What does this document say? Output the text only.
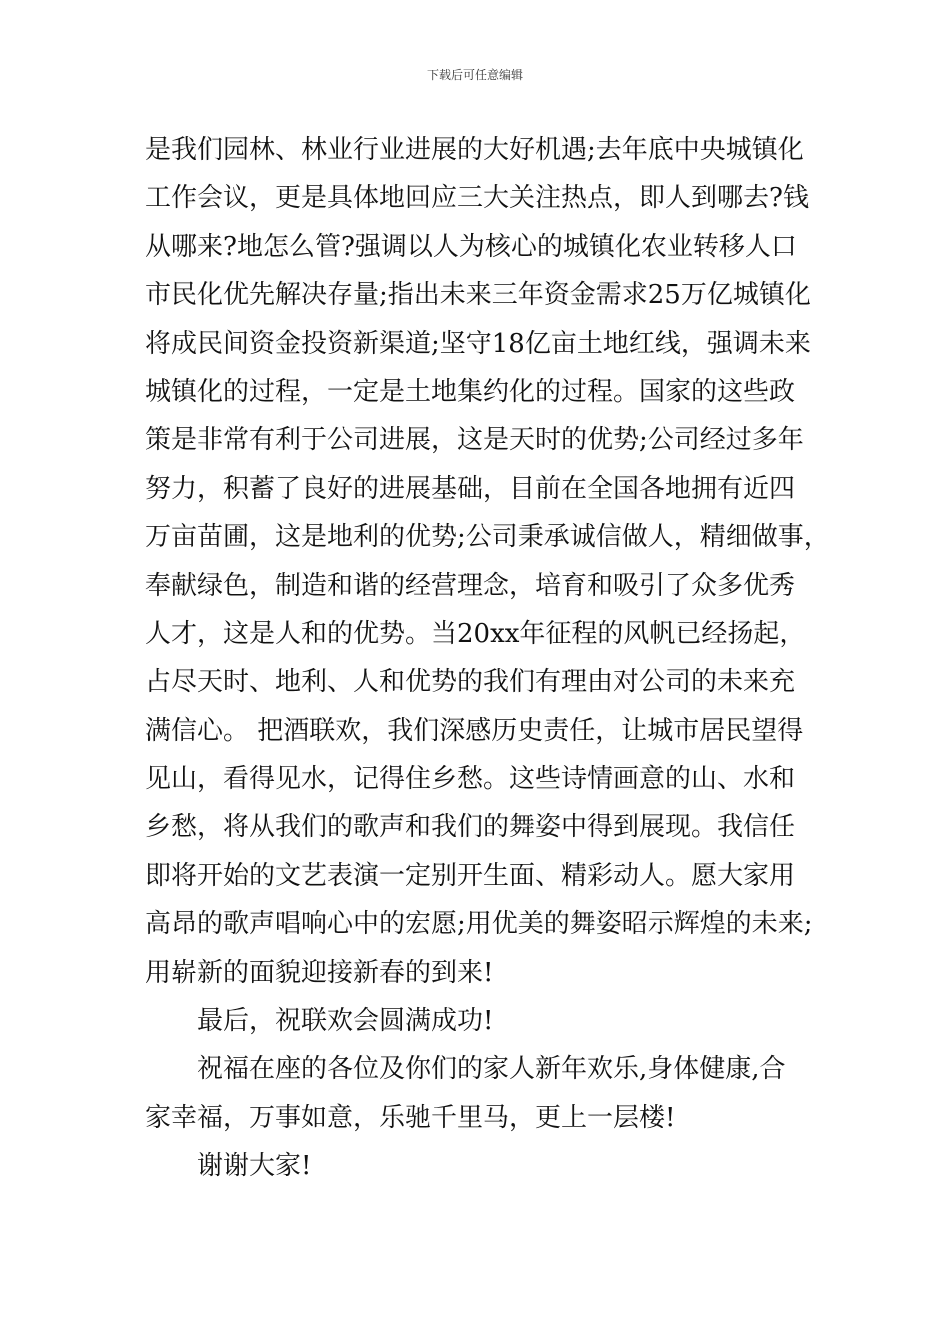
下载后可任意编辑
是我们园林、林业行业进展的大好机遇;去年底中央城镇化
工作会议，更是具体地回应三大关注热点，即人到哪去?钱
从哪来?地怎么管?强调以人为核心的城镇化农业转移人口
市民化优先解决存量;指出未来三年资金需求25万亿城镇化
将成民间资金投资新渠道;坚守18亿亩土地红线，强调未来
城镇化的过程，一定是土地集约化的过程。国家的这些政
策是非常有利于公司进展，这是天时的优势;公司经过多年
努力，积蓄了良好的进展基础，目前在全国各地拥有近四
万亩苗圃，这是地利的优势;公司秉承诚信做人，精细做事，
奉献绿色，制造和谐的经营理念，培育和吸引了众多优秀
人才，这是人和的优势。当20xx年征程的风帆已经扬起，
占尽天时、地利、人和优势的我们有理由对公司的未来充
满信心。 把酒联欢，我们深感历史责任，让城市居民望得
见山，看得见水，记得住乡愁。这些诗情画意的山、水和
乡愁，将从我们的歌声和我们的舞姿中得到展现。我信任
即将开始的文艺表演一定别开生面、精彩动人。愿大家用
高昂的歌声唱响心中的宏愿;用优美的舞姿昭示辉煌的未来;
用崭新的面貌迎接新春的到来!
最后，祝联欢会圆满成功!
祝福在座的各位及你们的家人新年欢乐,身体健康,合
家幸福，万事如意，乐驰千里马，更上一层楼!
谢谢大家!
